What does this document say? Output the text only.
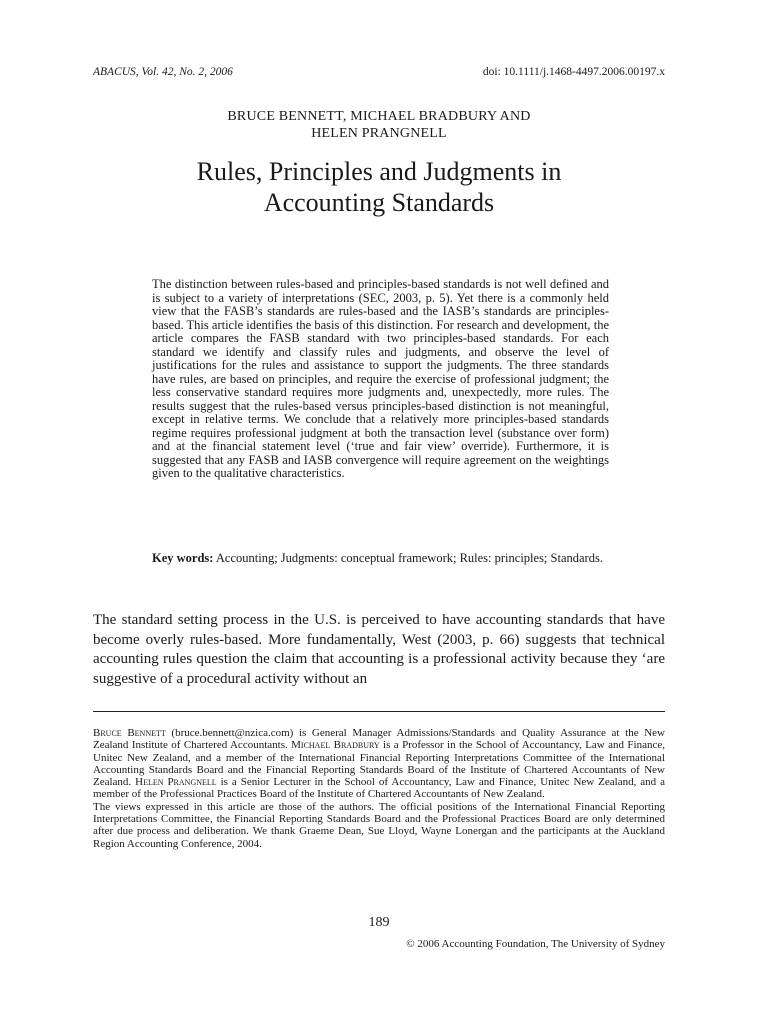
ABACUS, Vol. 42, No. 2, 2006	doi: 10.1111/j.1468-4497.2006.00197.x
BRUCE BENNETT, MICHAEL BRADBURY AND
HELEN PRANGNELL
Rules, Principles and Judgments in
Accounting Standards

The distinction between rules-based and principles-based standards is not well defined and is subject to a variety of interpretations (SEC, 2003, p. 5). Yet there is a commonly held view that the FASB’s standards are rules-based and the IASB’s standards are principles-based. This article identifies the basis of this distinction. For research and development, the article compares the FASB standard with two principles-based standards. For each standard we identify and classify rules and judgments, and observe the level of justifications for the rules and assistance to support the judgments. The three standards have rules, are based on principles, and require the exercise of professional judgment; the less conservative standard requires more judgments and, unexpectedly, more rules. The results suggest that the rules-based versus principles-based distinction is not meaningful, except in relative terms. We conclude that a relatively more principles-based standards regime requires professional judgment at both the transaction level (substance over form) and at the financial statement level (‘true and fair view’ override). Furthermore, it is suggested that any FASB and IASB convergence will require agreement on the weightings given to the qualitative characteristics.

Key words: Accounting; Judgments: conceptual framework; Rules: principles; Standards.

The standard setting process in the U.S. is perceived to have accounting standards that have become overly rules-based. More fundamentally, West (2003, p. 66) suggests that technical accounting rules question the claim that accounting is a professional activity because they ‘are suggestive of a procedural activity without an

Bruce Bennett (bruce.bennett@nzica.com) is General Manager Admissions/Standards and Quality Assurance at the New Zealand Institute of Chartered Accountants. Michael Bradbury is a Professor in the School of Accountancy, Law and Finance, Unitec New Zealand, and a member of the International Financial Reporting Interpretations Committee of the International Accounting Standards Board and the Financial Reporting Standards Board of the Institute of Chartered Accountants of New Zealand. Helen Prangnell is a Senior Lecturer in the School of Accountancy, Law and Finance, Unitec New Zealand, and a member of the Professional Practices Board of the Institute of Chartered Accountants of New Zealand.

The views expressed in this article are those of the authors. The official positions of the International Financial Reporting Interpretations Committee, the Financial Reporting Standards Board and the Professional Practices Board are only determined after due process and deliberation. We thank Graeme Dean, Sue Lloyd, Wayne Lonergan and the participants at the Auckland Region Accounting Conference, 2004.

189
© 2006 Accounting Foundation, The University of Sydney
